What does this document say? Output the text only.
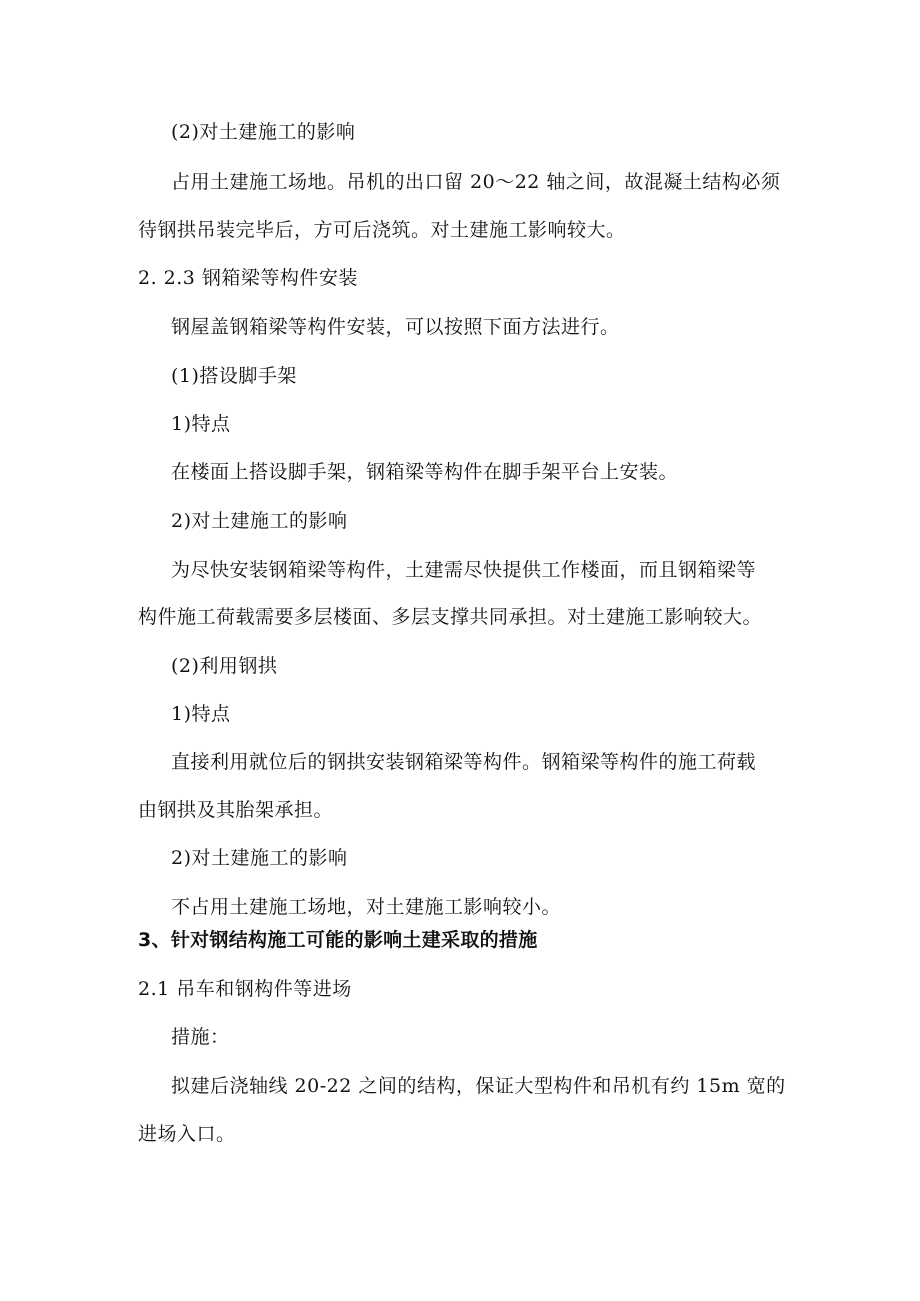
(2)对土建施工的影响
占用土建施工场地。吊机的出口留 20～22 轴之间，故混凝土结构必须
待钢拱吊装完毕后，方可后浇筑。对土建施工影响较大。
2. 2.3 钢箱梁等构件安装
钢屋盖钢箱梁等构件安装，可以按照下面方法进行。
(1)搭设脚手架
1)特点
在楼面上搭设脚手架，钢箱梁等构件在脚手架平台上安装。
2)对土建施工的影响
为尽快安装钢箱梁等构件，土建需尽快提供工作楼面，而且钢箱梁等
构件施工荷载需要多层楼面、多层支撑共同承担。对土建施工影响较大。
(2)利用钢拱
1)特点
直接利用就位后的钢拱安装钢箱梁等构件。钢箱梁等构件的施工荷载
由钢拱及其胎架承担。
2)对土建施工的影响
不占用土建施工场地，对土建施工影响较小。
3、针对钢结构施工可能的影响土建采取的措施
2.1 吊车和钢构件等进场
措施：
拟建后浇轴线 20-22 之间的结构，保证大型构件和吊机有约 15m 宽的
进场入口。
